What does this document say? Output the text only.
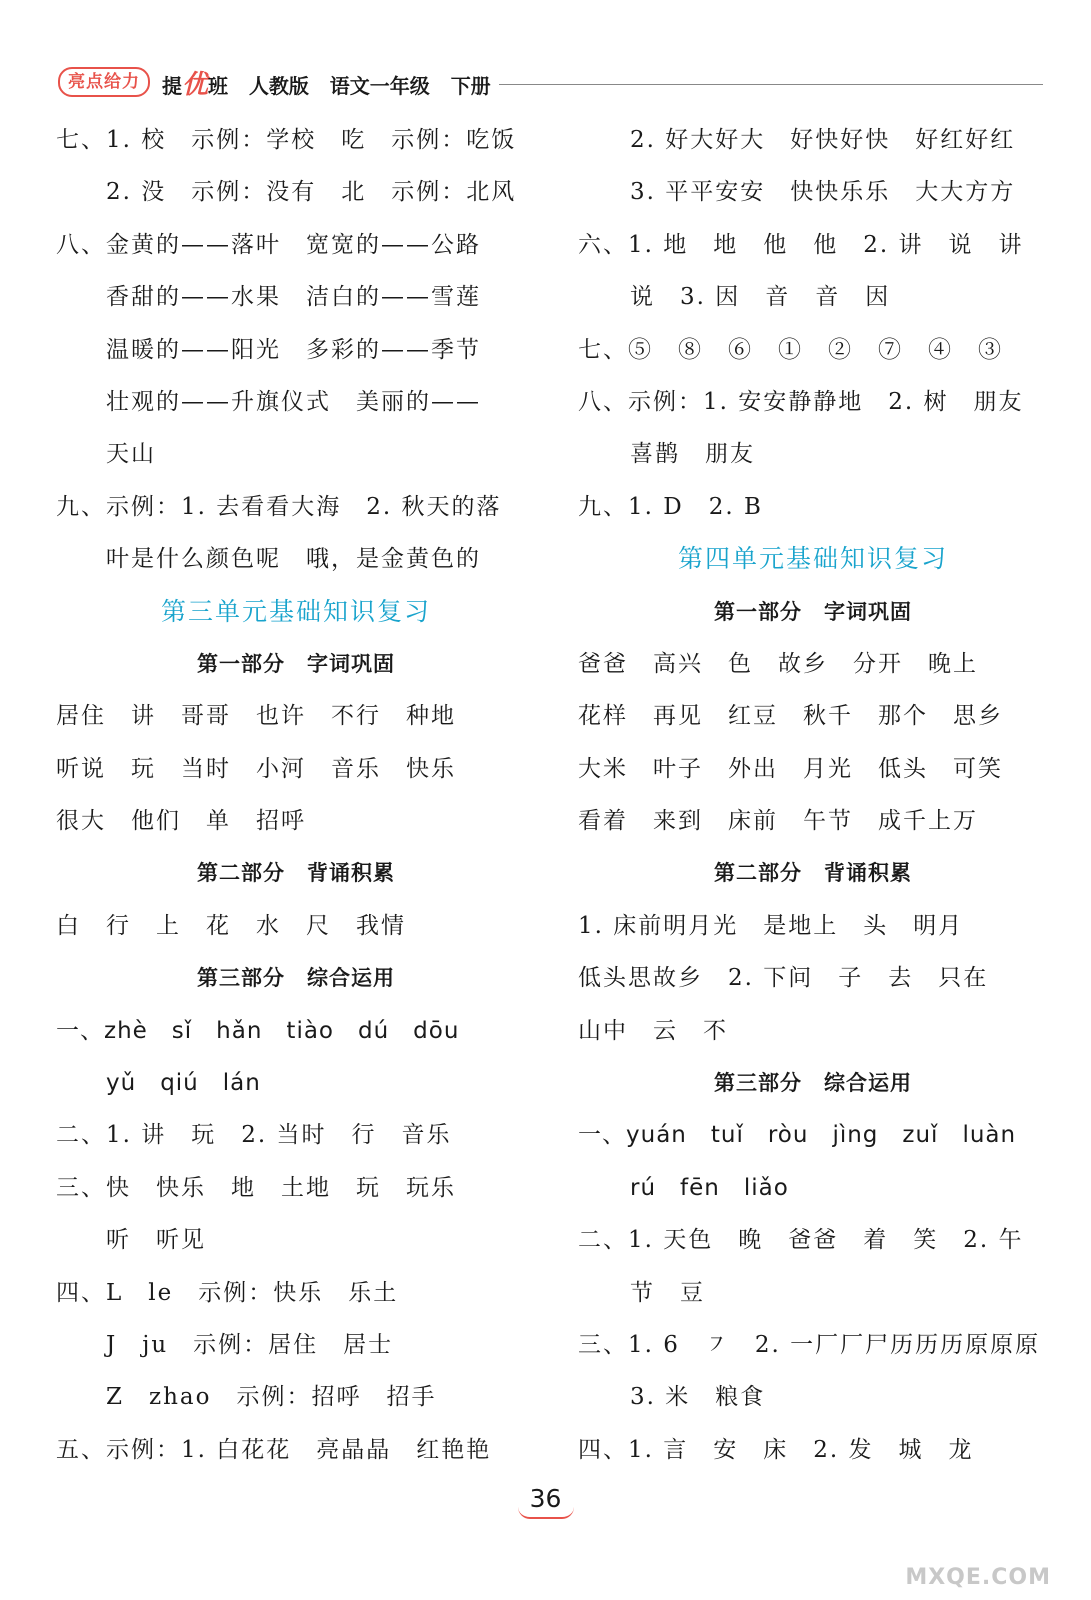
亮点给力	提优班 人教版 语文一年级 下册
七、1. 校　示例：学校　吃　示例：吃饭
2. 没　示例：没有　北　示例：北风
八、金黄的——落叶　宽宽的——公路
香甜的——水果　洁白的——雪莲
温暖的——阳光　多彩的——季节
壮观的——升旗仪式　美丽的——
天山
九、示例：1. 去看看大海　2. 秋天的落
叶是什么颜色呢　哦，是金黄色的
第三单元基础知识复习
第一部分　字词巩固
居住　讲　哥哥　也许　不行　种地
听说　玩　当时　小河　音乐　快乐
很大　他们　单　招呼
第二部分　背诵积累
白　行　上　花　水　尺　我情
第三部分　综合运用
一、zhè　sǐ　hǎn　tiào　dú　dōu
yǔ　qiú　lán
二、1. 讲　玩　2. 当时　行　音乐
三、快　快乐　地　土地　玩　玩乐
听　听见
四、L　le　示例：快乐　乐土
J　ju　示例：居住　居士
Z　zhao　示例：招呼　招手
五、示例：1. 白花花　亮晶晶　红艳艳
2. 好大好大　好快好快　好红好红
3. 平平安安　快快乐乐　大大方方
六、1. 地　地　他　他　2. 讲　说　讲
说　3. 因　音　音　因
七、⑤　⑧　⑥　①　②　⑦　④　③
八、示例：1. 安安静静地　2. 树　朋友
喜鹊　朋友
九、1. D　2. B
第四单元基础知识复习
第一部分　字词巩固
爸爸　高兴　色　故乡　分开　晚上
花样　再见　红豆　秋千　那个　思乡
大米　叶子　外出　月光　低头　可笑
看着　来到　床前　午节　成千上万
第二部分　背诵积累
1. 床前明月光　是地上　头　明月
低头思故乡　2. 下问　子　去　只在
山中　云　不
第三部分　综合运用
一、yuán　tuǐ　ròu　jìng　zuǐ　luàn
rú　fēn　liǎo
二、1. 天色　晚　爸爸　着　笑　2. 午
节　豆
三、1. 6　㇇　2. 一厂厂尸历历历原原原
3. 米　粮食
四、1. 言　安　床　2. 发　城　龙
36
MXQE.COM
